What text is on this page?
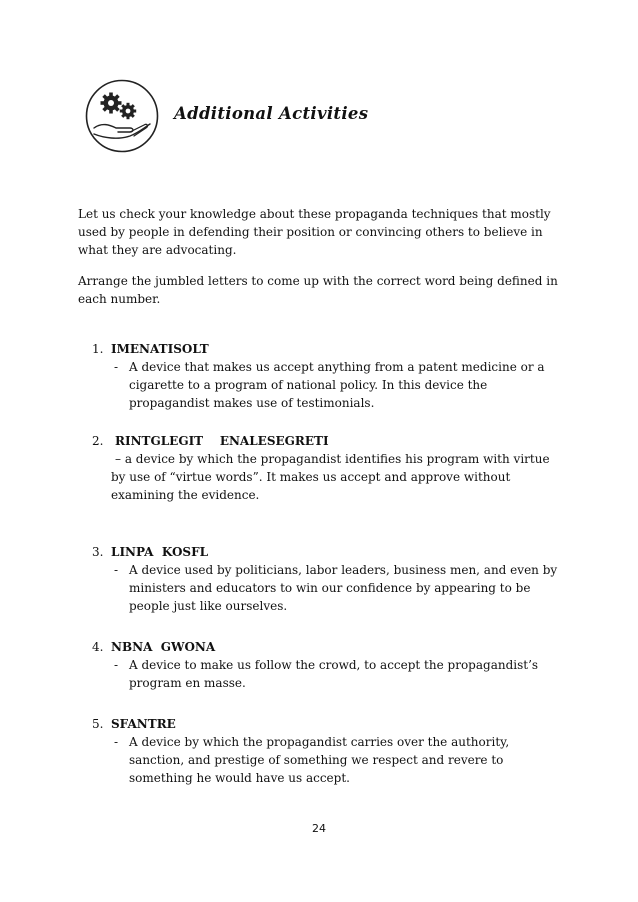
Additional Activities

Let us check your knowledge about these propaganda techniques that mostly used by people in defending their position or convincing others to believe in what they are advocating.

Arrange the jumbled letters to come up with the correct word being defined in each number.

1. IMENATISOLT
- A device that makes us accept anything from a patent medicine or a cigarette to a program of national policy. In this device the propagandist makes use of testimonials.

2. RINTGLEGIT    ENALESEGRETI

– a device by which the propagandist identifies his program with virtue by use of “virtue words”. It makes us accept and approve without examining the evidence.

3. LINPA  KOSFL
- A device used by politicians, labor leaders, business men, and even by ministers and educators to win our confidence by appearing to be people just like ourselves.

4. NBNA  GWONA
- A device to make us follow the crowd, to accept the propagandist’s program en masse.

5. SFANTRE
- A device by which the propagandist carries over the authority, sanction, and prestige of something we respect and revere to something he would have us accept.

24
